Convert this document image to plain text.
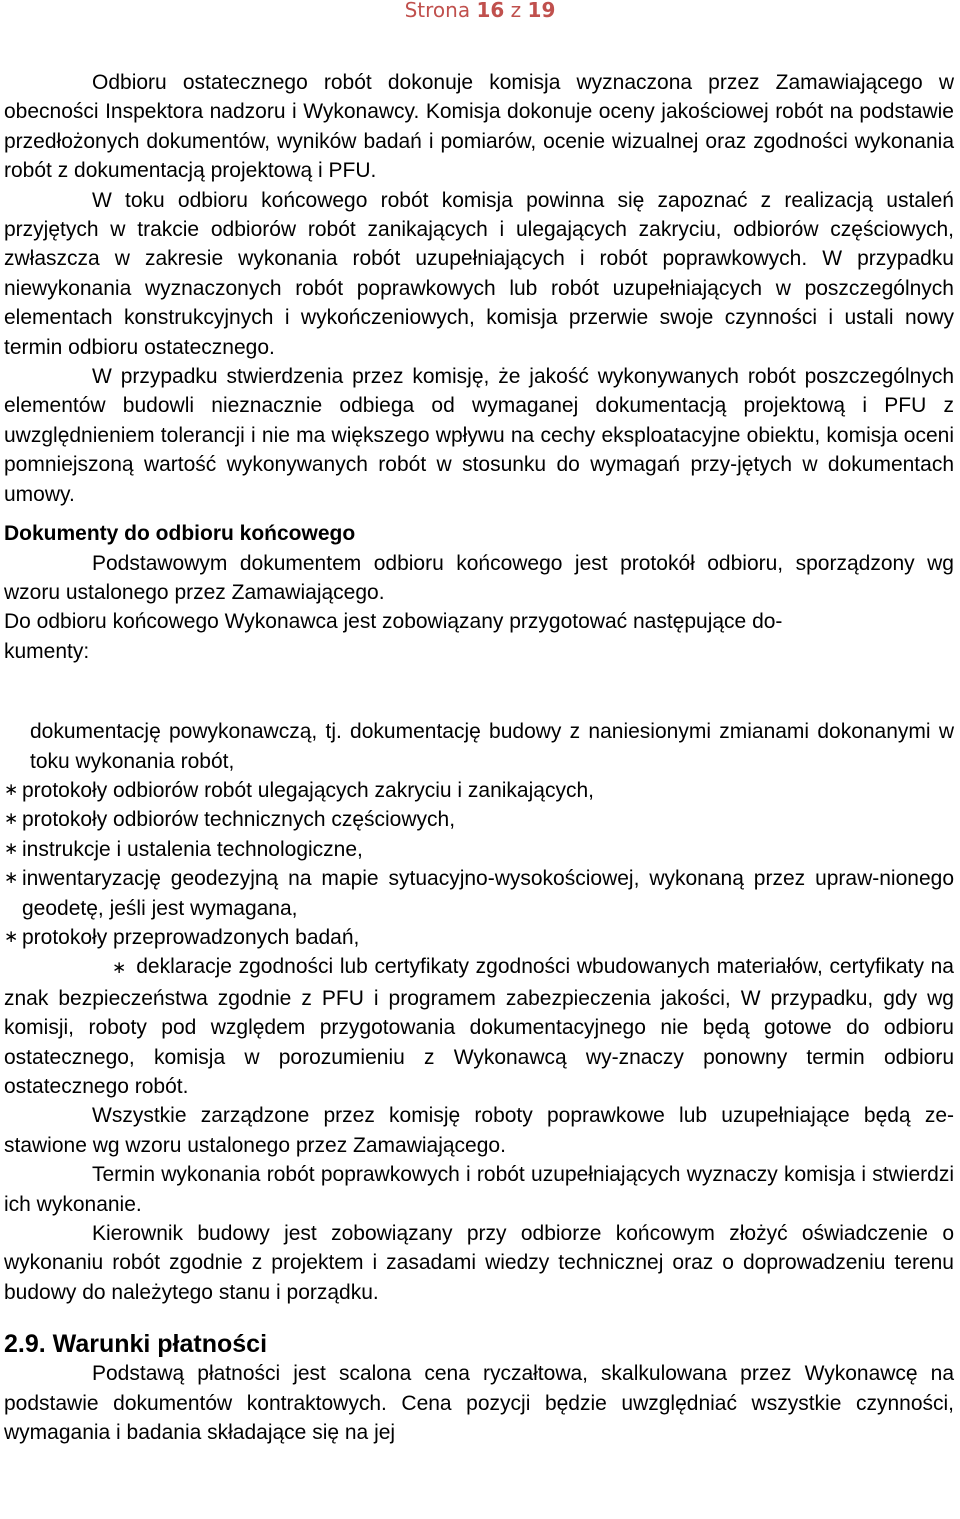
Strona 16 z 19

Odbioru ostatecznego robót dokonuje komisja wyznaczona przez Zamawiającego w obecności Inspektora nadzoru i Wykonawcy. Komisja dokonuje oceny jakościowej robót na podstawie przedłożonych dokumentów, wyników badań i pomiarów, ocenie wizualnej oraz zgodności wykonania robót z dokumentacją projektową i PFU.

W toku odbioru końcowego robót komisja powinna się zapoznać z realizacją ustaleń przyjętych w trakcie odbiorów robót zanikających i ulegających zakryciu, odbiorów częściowych, zwłaszcza w zakresie wykonania robót uzupełniających i robót poprawkowych. W przypadku niewykonania wyznaczonych robót poprawkowych lub robót uzupełniających w poszczególnych elementach konstrukcyjnych i wykończeniowych, komisja przerwie swoje czynności i ustali nowy termin odbioru ostatecznego.

W przypadku stwierdzenia przez komisję, że jakość wykonywanych robót poszczególnych elementów budowli nieznacznie odbiega od wymaganej dokumentacją projektową i PFU z uwzględnieniem tolerancji i nie ma większego wpływu na cechy eksploatacyjne obiektu, komisja oceni pomniejszoną wartość wykonywanych robót w stosunku do wymagań przy-jętych w dokumentach umowy.

Dokumenty do odbioru końcowego

Podstawowym dokumentem odbioru końcowego jest protokół odbioru, sporządzony wg wzoru ustalonego przez Zamawiającego.

Do odbioru końcowego Wykonawca jest zobowiązany przygotować następujące do-

kumenty:

dokumentację powykonawczą, tj. dokumentację budowy z naniesionymi zmianami dokonanymi w toku wykonania robót,

∗ protokoły odbiorów robót ulegających zakryciu i zanikających,
∗ protokoły odbiorów technicznych częściowych,
∗ instrukcje i ustalenia technologiczne,
∗ inwentaryzację geodezyjną na mapie sytuacyjno-wysokościowej, wykonaną przez upraw-nionego geodetę, jeśli jest wymagana,
∗ protokoły przeprowadzonych badań,

∗ deklaracje zgodności lub certyfikaty zgodności wbudowanych materiałów, certyfikaty na znak bezpieczeństwa zgodnie z PFU i programem zabezpieczenia jakości, W przypadku, gdy wg komisji, roboty pod względem przygotowania dokumentacyjnego nie będą gotowe do odbioru ostatecznego, komisja w porozumieniu z Wykonawcą wy-znaczy ponowny termin odbioru ostatecznego robót.

Wszystkie zarządzone przez komisję roboty poprawkowe lub uzupełniające będą ze-stawione wg wzoru ustalonego przez Zamawiającego.

Termin wykonania robót poprawkowych i robót uzupełniających wyznaczy komisja i stwierdzi ich wykonanie.

Kierownik budowy jest zobowiązany przy odbiorze końcowym złożyć oświadczenie o wykonaniu robót zgodnie z projektem i zasadami wiedzy technicznej oraz o doprowadzeniu terenu budowy do należytego stanu i porządku.

2.9. Warunki płatności

Podstawą płatności jest scalona cena ryczałtowa, skalkulowana przez Wykonawcę na podstawie dokumentów kontraktowych. Cena pozycji będzie uwzględniać wszystkie czynności, wymagania i badania składające się na jej
